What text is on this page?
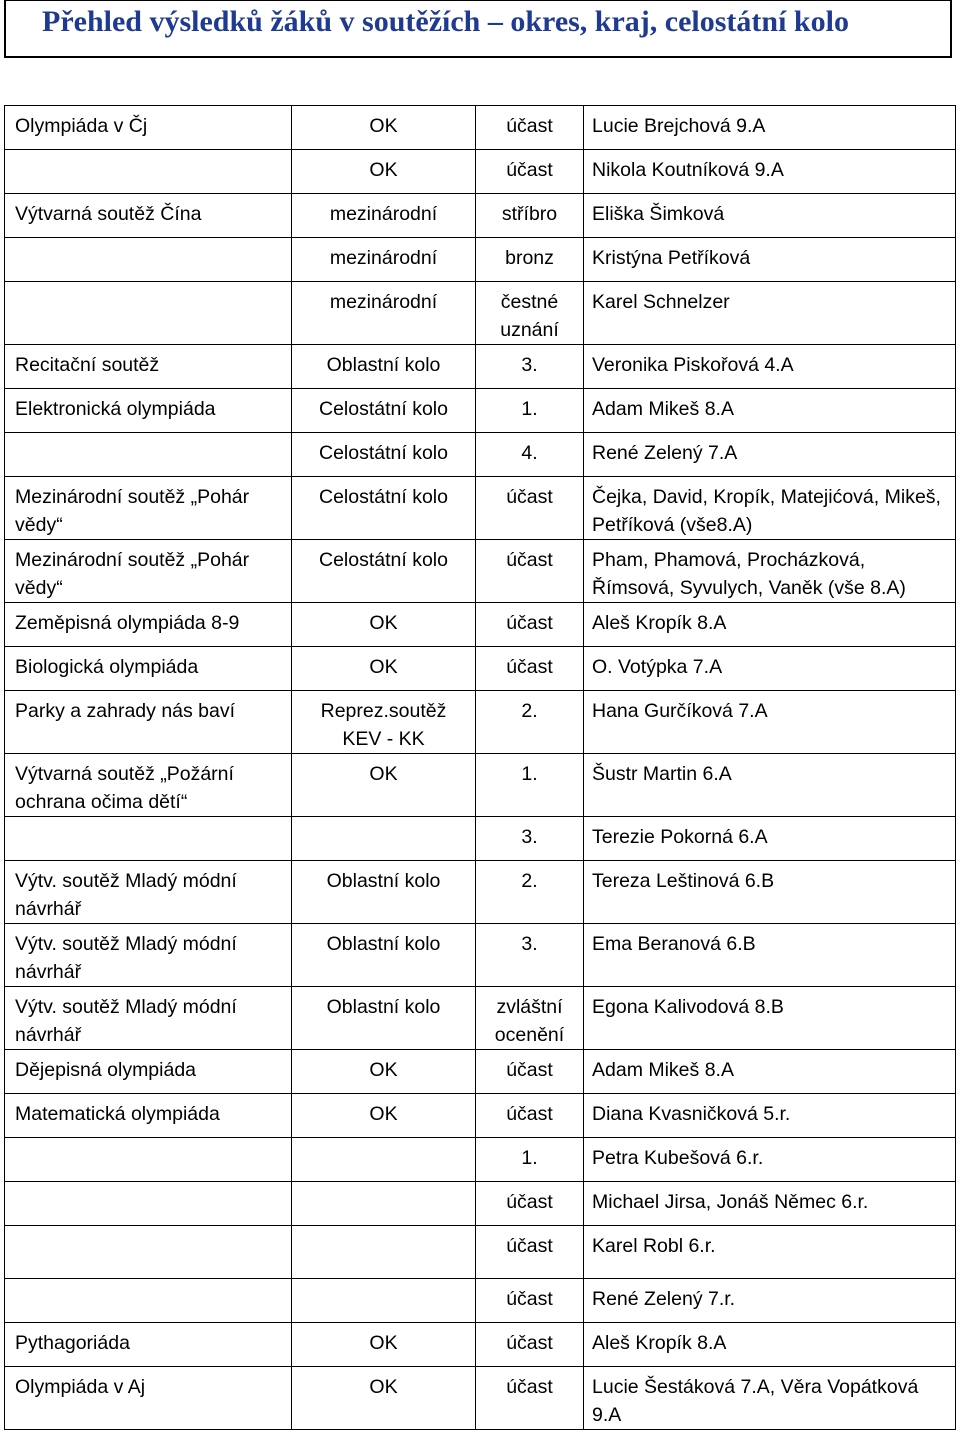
Přehled výsledků žáků v soutěžích – okres, kraj, celostátní kolo
Olympiáda v Čj	OK	účast	Lucie Brejchová 9.A

	OK	účast	Nikola Koutníková 9.A

Výtvarná soutěž Čína	mezinárodní	stříbro	Eliška Šimková

	mezinárodní	bronz	Kristýna Petříková

	mezinárodní	čestné uznání	Karel Schnelzer

Recitační soutěž	Oblastní kolo	3.	Veronika Piskořová 4.A

Elektronická olympiáda	Celostátní kolo	1.	Adam Mikeš 8.A

	Celostátní kolo	4.	René Zelený 7.A

Mezinárodní soutěž „Pohár vědy“	Celostátní kolo	účast	Čejka, David, Kropík, Matejićová, Mikeš, Petříková (vše8.A)

Mezinárodní soutěž „Pohár vědy“	Celostátní kolo	účast	Pham, Phamová, Procházková, Římsová, Syvulych, Vaněk (vše 8.A)

Zeměpisná olympiáda 8-9	OK	účast	Aleš Kropík 8.A

Biologická olympiáda	OK	účast	O. Votýpka 7.A

Parky a zahrady nás baví	Reprez.soutěž KEV - KK	2.	Hana Gurčíková 7.A

Výtvarná soutěž „Požární ochrana očima dětí“	OK	1.	Šustr Martin 6.A

		3.	Terezie Pokorná 6.A

Výtv. soutěž Mladý módní návrhář	Oblastní kolo	2.	Tereza Leštinová 6.B

Výtv. soutěž Mladý módní návrhář	Oblastní kolo	3.	Ema Beranová 6.B

Výtv. soutěž Mladý módní návrhář	Oblastní kolo	zvláštní ocenění	Egona Kalivodová 8.B

Dějepisná olympiáda	OK	účast	Adam Mikeš 8.A

Matematická olympiáda	OK	účast	Diana Kvasničková 5.r.

		1.	Petra Kubešová 6.r.

		účast	Michael Jirsa, Jonáš Němec 6.r.

		účast	Karel Robl 6.r.

		účast	René Zelený 7.r.

Pythagoriáda	OK	účast	Aleš Kropík 8.A

Olympiáda v Aj	OK	účast	Lucie Šestáková 7.A, Věra Vopátková 9.A
